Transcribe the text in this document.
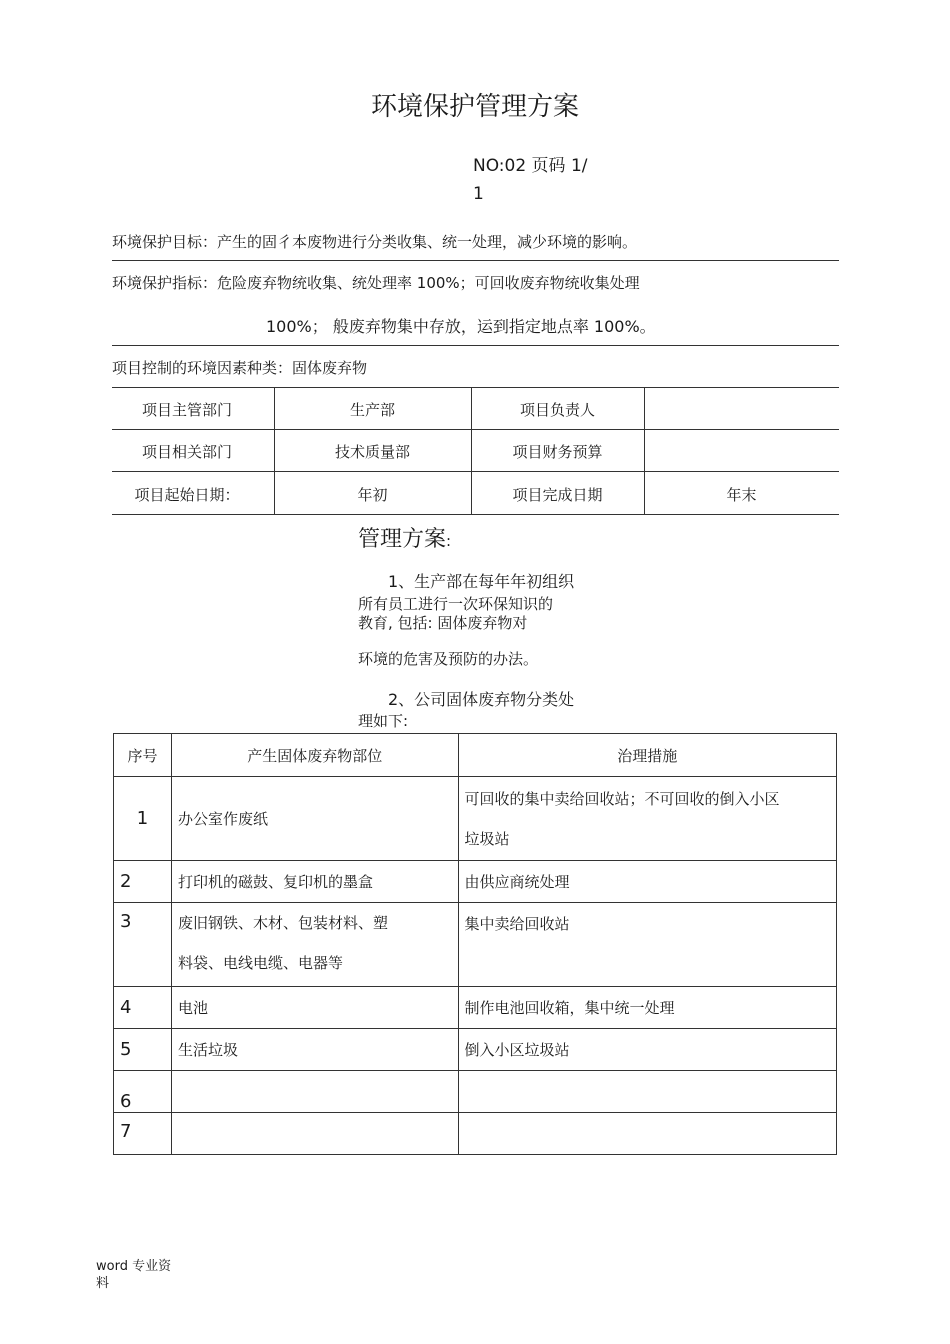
环境保护管理方案
NO:02 页码 1/
1
环境保护目标：产生的固彳本废物进行分类收集、统一处理，减少环境的影响。
环境保护指标：危险废弃物统收集、统处理率 100%；可回收废弃物统收集处理
100%； 般废弃物集中存放，运到指定地点率 100%。
项目控制的环境因素种类：固体废弃物
项目主管部门	生产部	项目负责人
项目相关部门	技术质量部	项目财务预算
项目起始日期：	年初	项目完成日期	年末
管理方案:
1、生产部在每年年初组织
所有员工进行一次环保知识的
教育, 包括: 固体废弃物对
环境的危害及预防的办法。
2、公司固体废弃物分类处
理如下:
序号	产生固体废弃物部位	治理措施
1	办公室作废纸	可回收的集中卖给回收站；不可回收的倒入小区
垃圾站

2	打印机的磁鼓、复印机的墨盒	由供应商统处理
3	废旧钢铁、木材、包装材料、塑
料袋、电线电缆、电器等	集中卖给回收站
4	电池	制作电池回收箱，集中统一处理
5	生活垃圾	倒入小区垃圾站
6		
7		
word 专业资料
